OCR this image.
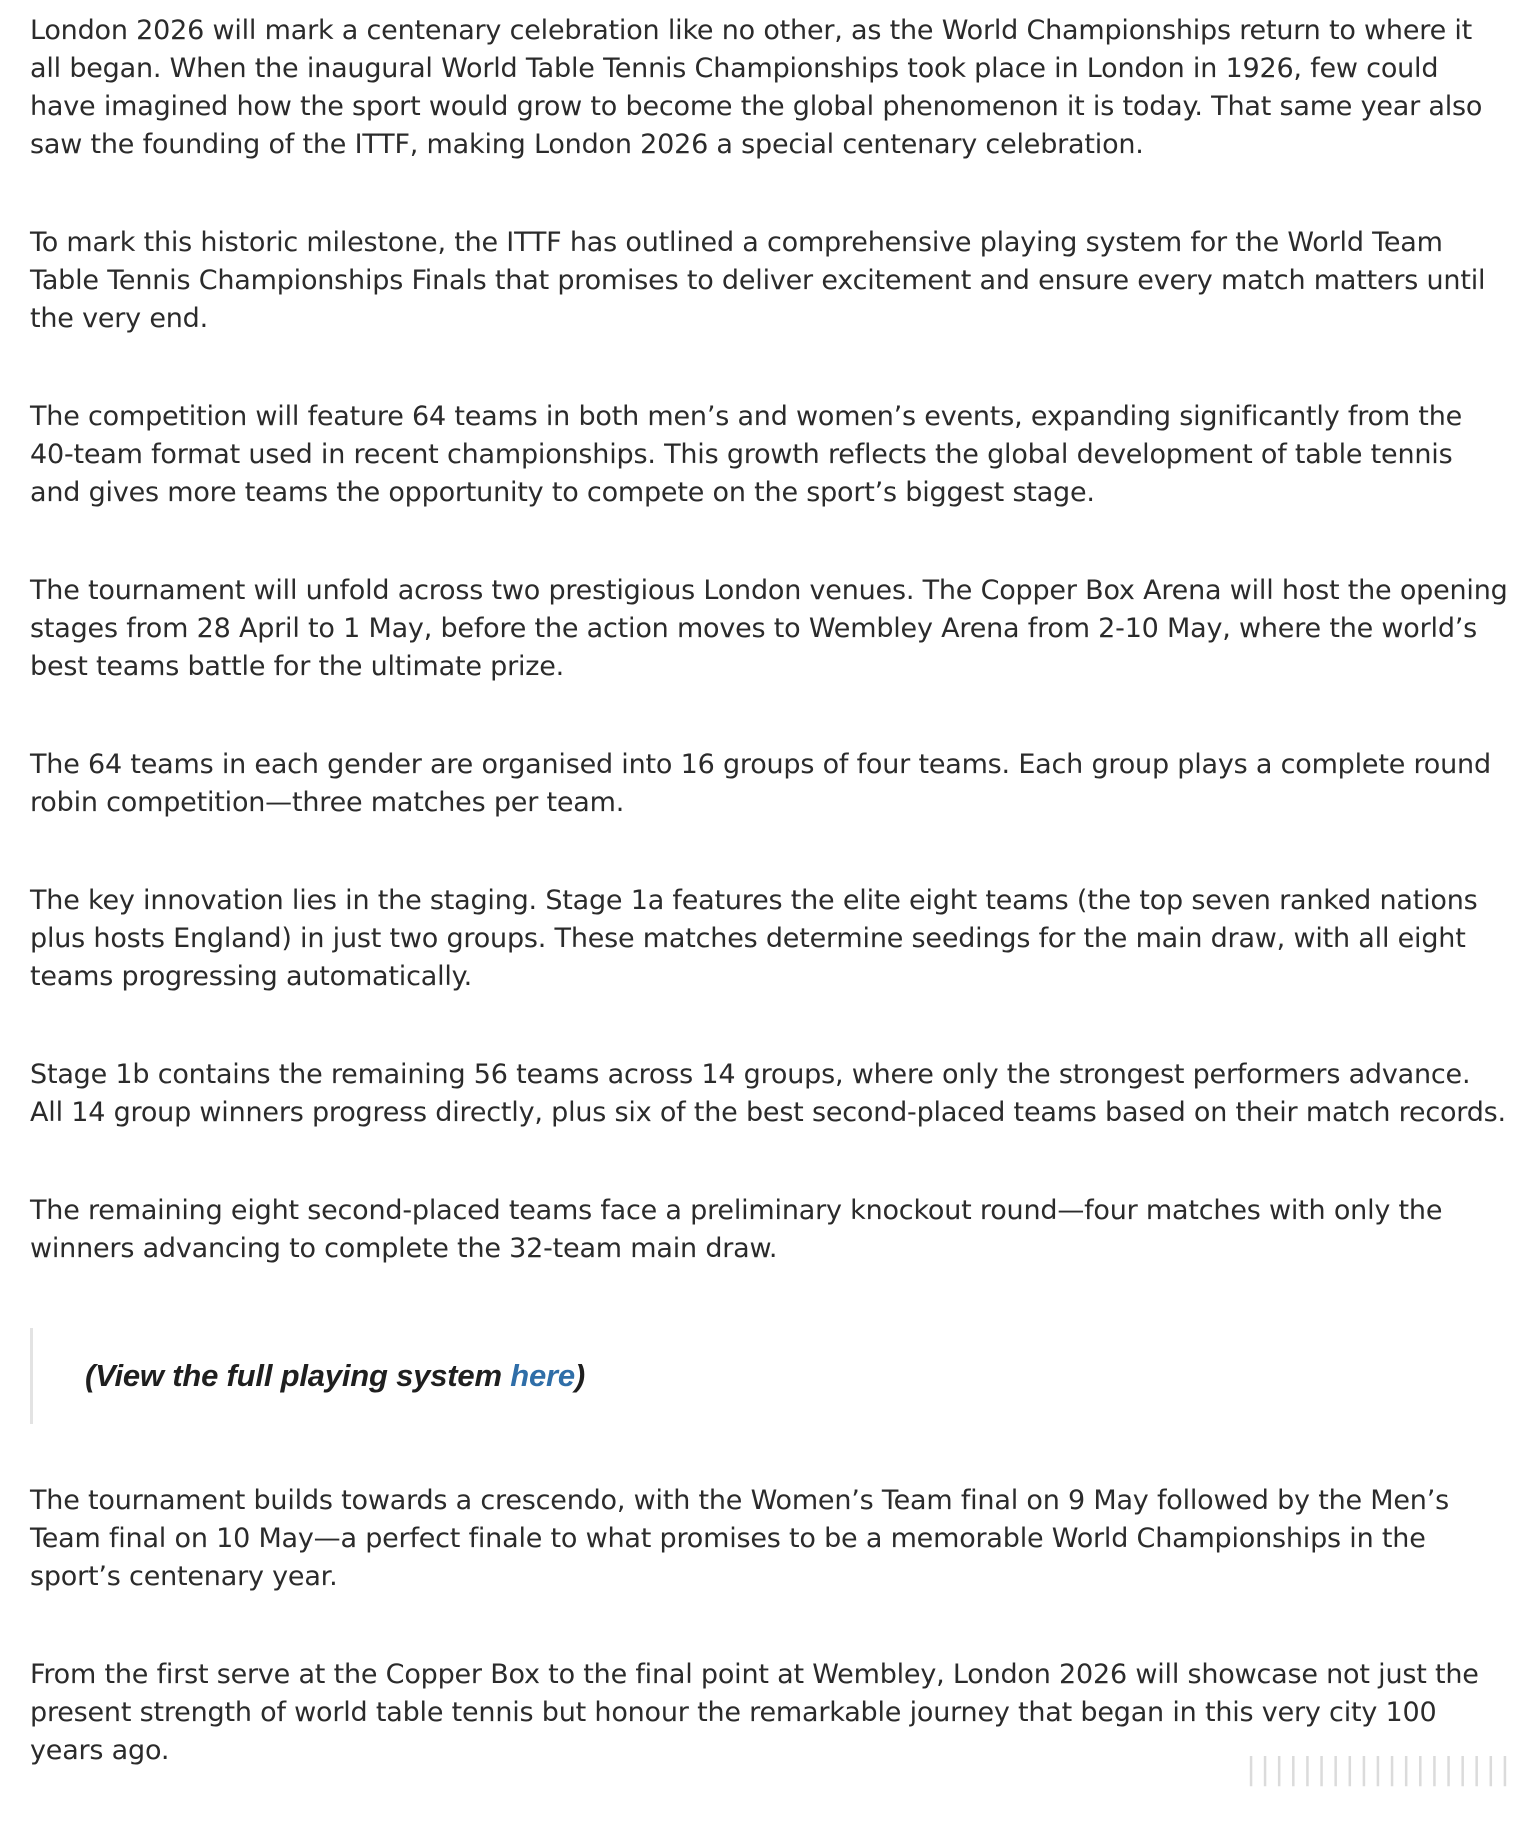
London 2026 will mark a centenary celebration like no other, as the World Championships return to where it all began. When the inaugural World Table Tennis Championships took place in London in 1926, few could have imagined how the sport would grow to become the global phenomenon it is today. That same year also saw the founding of the ITTF, making London 2026 a special centenary celebration.

To mark this historic milestone, the ITTF has outlined a comprehensive playing system for the World Team Table Tennis Championships Finals that promises to deliver excitement and ensure every match matters until the very end.

The competition will feature 64 teams in both men’s and women’s events, expanding significantly from the 40-team format used in recent championships. This growth reflects the global development of table tennis and gives more teams the opportunity to compete on the sport’s biggest stage.

The tournament will unfold across two prestigious London venues. The Copper Box Arena will host the opening stages from 28 April to 1 May, before the action moves to Wembley Arena from 2-10 May, where the world’s best teams battle for the ultimate prize.

The 64 teams in each gender are organised into 16 groups of four teams. Each group plays a complete round robin competition—three matches per team.

The key innovation lies in the staging. Stage 1a features the elite eight teams (the top seven ranked nations plus hosts England) in just two groups. These matches determine seedings for the main draw, with all eight teams progressing automatically.

Stage 1b contains the remaining 56 teams across 14 groups, where only the strongest performers advance. All 14 group winners progress directly, plus six of the best second-placed teams based on their match records.

The remaining eight second-placed teams face a preliminary knockout round—four matches with only the winners advancing to complete the 32-team main draw.

(View the full playing system here)

The tournament builds towards a crescendo, with the Women’s Team final on 9 May followed by the Men’s Team final on 10 May—a perfect finale to what promises to be a memorable World Championships in the sport’s centenary year.

From the first serve at the Copper Box to the final point at Wembley, London 2026 will showcase not just the present strength of world table tennis but honour the remarkable journey that began in this very city 100 years ago.

|||||||||||||||||||
